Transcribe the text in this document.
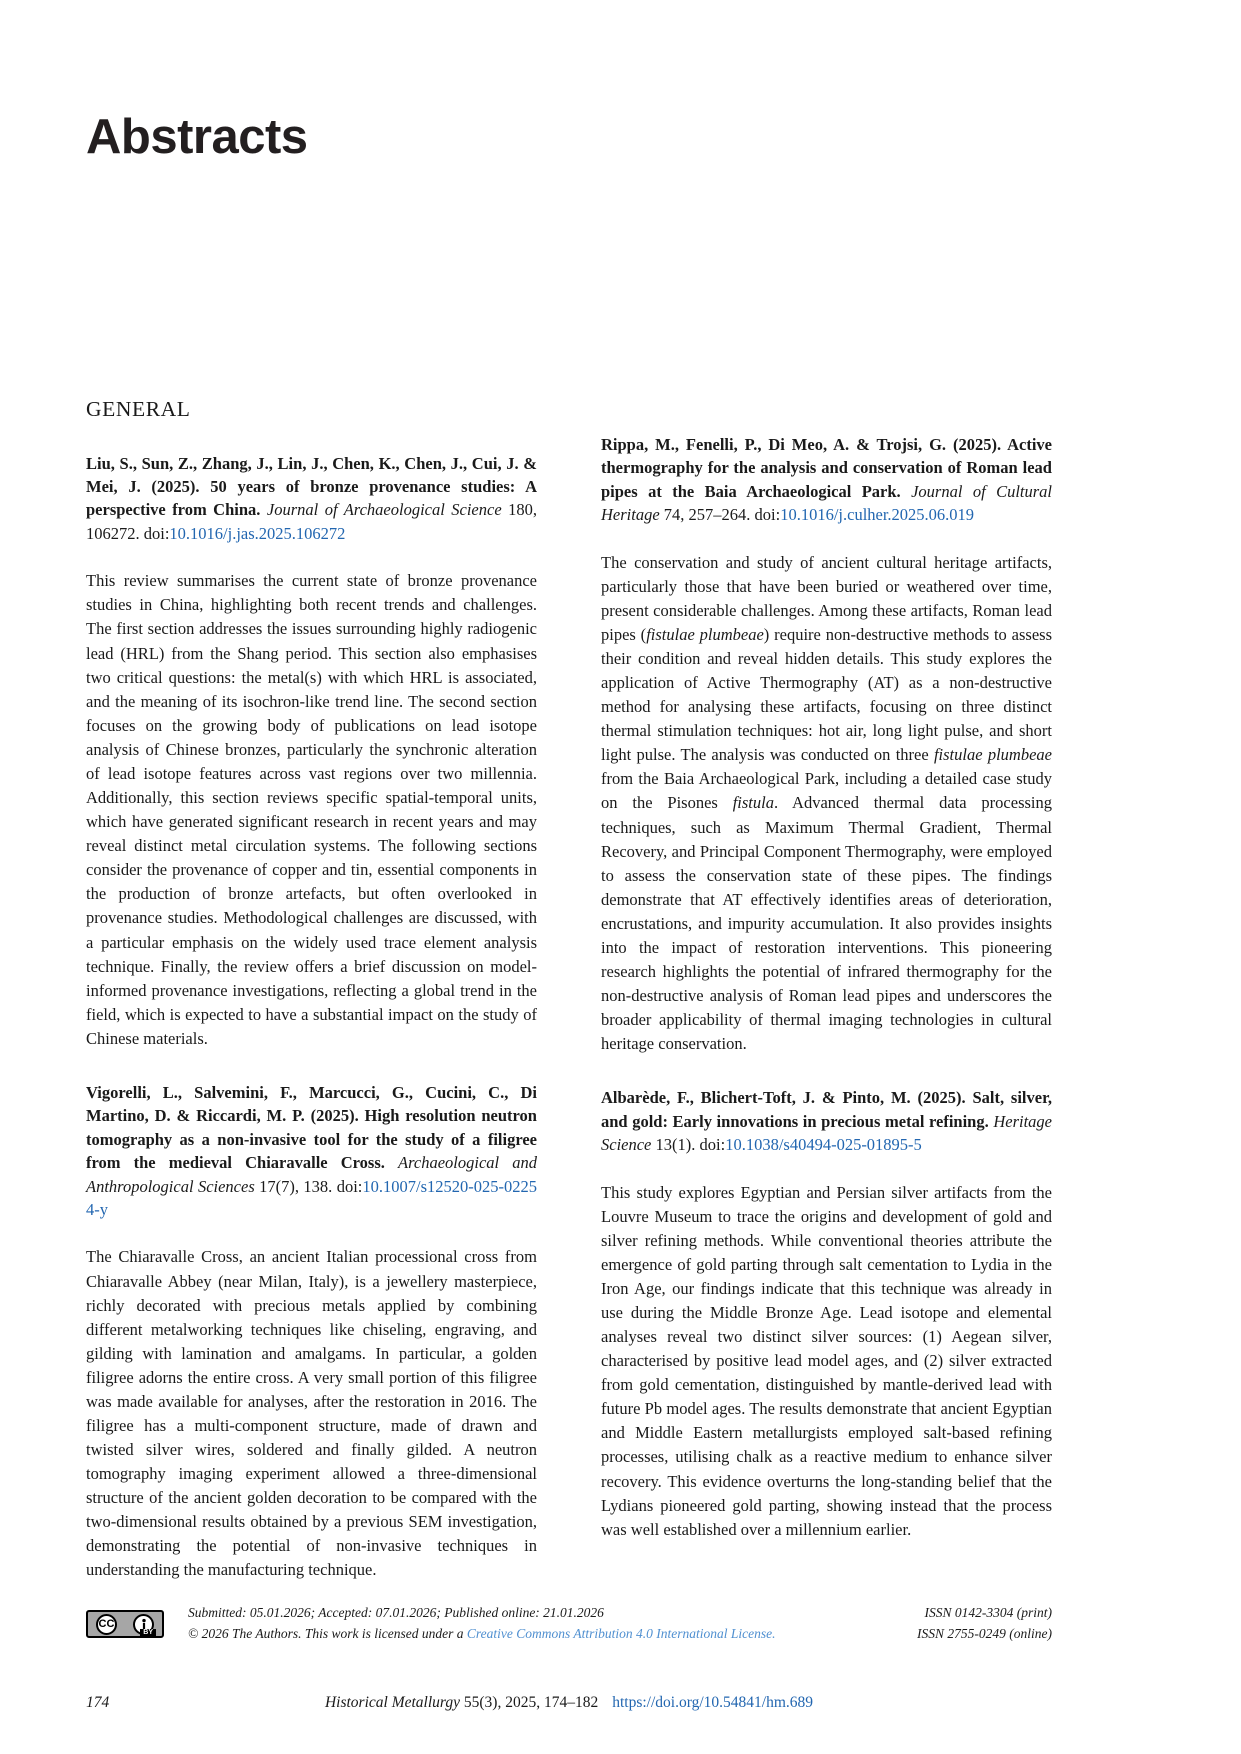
Abstracts
GENERAL
Liu, S., Sun, Z., Zhang, J., Lin, J., Chen, K., Chen, J., Cui, J. & Mei, J. (2025). 50 years of bronze provenance studies: A perspective from China. Journal of Archaeological Science 180, 106272. doi:10.1016/j.jas.2025.106272
This review summarises the current state of bronze provenance studies in China, highlighting both recent trends and challenges. The first section addresses the issues surrounding highly radiogenic lead (HRL) from the Shang period. This section also emphasises two critical questions: the metal(s) with which HRL is associated, and the meaning of its isochron-like trend line. The second section focuses on the growing body of publications on lead isotope analysis of Chinese bronzes, particularly the synchronic alteration of lead isotope features across vast regions over two millennia. Additionally, this section reviews specific spatial-temporal units, which have generated significant research in recent years and may reveal distinct metal circulation systems. The following sections consider the provenance of copper and tin, essential components in the production of bronze artefacts, but often overlooked in provenance studies. Methodological challenges are discussed, with a particular emphasis on the widely used trace element analysis technique. Finally, the review offers a brief discussion on model-informed provenance investigations, reflecting a global trend in the field, which is expected to have a substantial impact on the study of Chinese materials.
Vigorelli, L., Salvemini, F., Marcucci, G., Cucini, C., Di Martino, D. & Riccardi, M. P. (2025). High resolution neutron tomography as a non-invasive tool for the study of a filigree from the medieval Chiaravalle Cross. Archaeological and Anthropological Sciences 17(7), 138. doi:10.1007/s12520-025-02254-y
The Chiaravalle Cross, an ancient Italian processional cross from Chiaravalle Abbey (near Milan, Italy), is a jewellery masterpiece, richly decorated with precious metals applied by combining different metalworking techniques like chiseling, engraving, and gilding with lamination and amalgams. In particular, a golden filigree adorns the entire cross. A very small portion of this filigree was made available for analyses, after the restoration in 2016. The filigree has a multi-component structure, made of drawn and twisted silver wires, soldered and finally gilded. A neutron tomography imaging experiment allowed a three-dimensional structure of the ancient golden decoration to be compared with the two-dimensional results obtained by a previous SEM investigation, demonstrating the potential of non-invasive techniques in understanding the manufacturing technique.
Rippa, M., Fenelli, P., Di Meo, A. & Trojsi, G. (2025). Active thermography for the analysis and conservation of Roman lead pipes at the Baia Archaeological Park. Journal of Cultural Heritage 74, 257–264. doi:10.1016/j.culher.2025.06.019
The conservation and study of ancient cultural heritage artifacts, particularly those that have been buried or weathered over time, present considerable challenges. Among these artifacts, Roman lead pipes (fistulae plumbeae) require non-destructive methods to assess their condition and reveal hidden details. This study explores the application of Active Thermography (AT) as a non-destructive method for analysing these artifacts, focusing on three distinct thermal stimulation techniques: hot air, long light pulse, and short light pulse. The analysis was conducted on three fistulae plumbeae from the Baia Archaeological Park, including a detailed case study on the Pisones fistula. Advanced thermal data processing techniques, such as Maximum Thermal Gradient, Thermal Recovery, and Principal Component Thermography, were employed to assess the conservation state of these pipes. The findings demonstrate that AT effectively identifies areas of deterioration, encrustations, and impurity accumulation. It also provides insights into the impact of restoration interventions. This pioneering research highlights the potential of infrared thermography for the non-destructive analysis of Roman lead pipes and underscores the broader applicability of thermal imaging technologies in cultural heritage conservation.
Albarède, F., Blichert-Toft, J. & Pinto, M. (2025). Salt, silver, and gold: Early innovations in precious metal refining. Heritage Science 13(1). doi:10.1038/s40494-025-01895-5
This study explores Egyptian and Persian silver artifacts from the Louvre Museum to trace the origins and development of gold and silver refining methods. While conventional theories attribute the emergence of gold parting through salt cementation to Lydia in the Iron Age, our findings indicate that this technique was already in use during the Middle Bronze Age. Lead isotope and elemental analyses reveal two distinct silver sources: (1) Aegean silver, characterised by positive lead model ages, and (2) silver extracted from gold cementation, distinguished by mantle-derived lead with future Pb model ages. The results demonstrate that ancient Egyptian and Middle Eastern metallurgists employed salt-based refining processes, utilising chalk as a reactive medium to enhance silver recovery. This evidence overturns the long-standing belief that the Lydians pioneered gold parting, showing instead that the process was well established over a millennium earlier.
CC
BY
Submitted: 05.01.2026; Accepted: 07.01.2026; Published online: 21.01.2026
© 2026 The Authors. This work is licensed under a Creative Commons Attribution 4.0 International License.
ISSN 0142-3304 (print)
ISSN 2755-0249 (online)
174	Historical Metallurgy 55(3), 2025, 174–182 https://doi.org/10.54841/hm.689
